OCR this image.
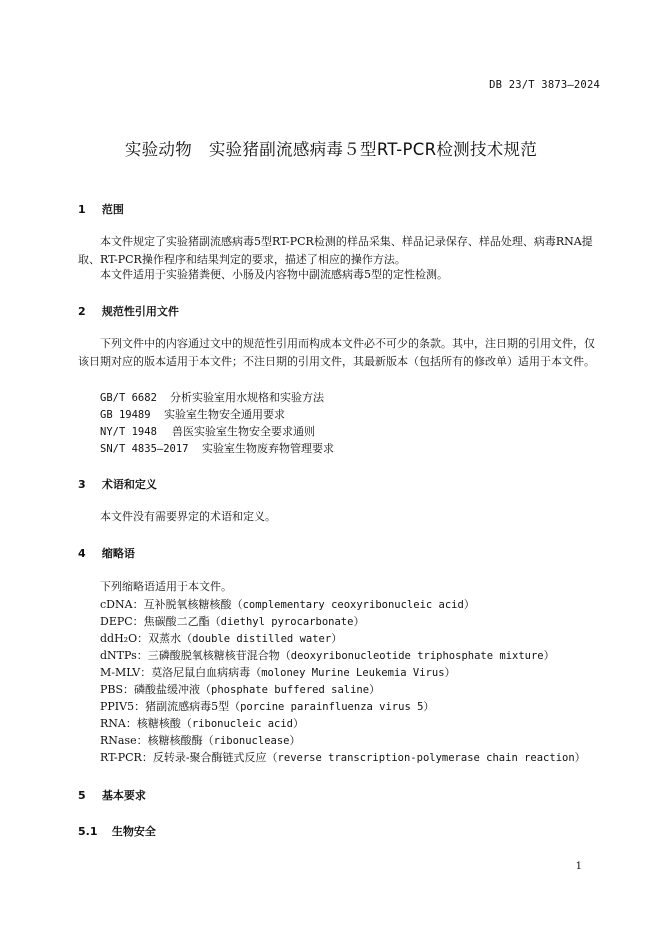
DB 23/T 3873—2024
实验动物　实验猪副流感病毒５型RT-PCR检测技术规范
1 范围
本文件规定了实验猪副流感病毒5型RT-PCR检测的样品采集、样品记录保存、样品处理、病毒RNA提取、RT-PCR操作程序和结果判定的要求，描述了相应的操作方法。
本文件适用于实验猪粪便、小肠及内容物中副流感病毒5型的定性检测。
2 规范性引用文件
下列文件中的内容通过文中的规范性引用而构成本文件必不可少的条款。其中，注日期的引用文件，仅该日期对应的版本适用于本文件；不注日期的引用文件，其最新版本（包括所有的修改单）适用于本文件。
GB/T 6682 分析实验室用水规格和实验方法
GB 19489 实验室生物安全通用要求
NY/T 1948 兽医实验室生物安全要求通则
SN/T 4835—2017 实验室生物废弃物管理要求
3 术语和定义
本文件没有需要界定的术语和定义。
4 缩略语
下列缩略语适用于本文件。
cDNA：互补脱氧核糖核酸（complementary ceoxyribonucleic acid）
DEPC：焦碳酸二乙酯（diethyl pyrocarbonate）
ddH₂O：双蒸水（double distilled water）
dNTPs：三磷酸脱氧核糖核苷混合物（deoxyribonucleotide triphosphate mixture）
M-MLV：莫洛尼鼠白血病病毒（moloney Murine Leukemia Virus）
PBS：磷酸盐缓冲液（phosphate buffered saline）
PPIV5：猪副流感病毒5型（porcine parainfluenza virus 5）
RNA：核糖核酸（ribonucleic acid）
RNase：核糖核酸酶（ribonuclease）
RT-PCR：反转录-聚合酶链式反应（reverse transcription-polymerase chain reaction）
5 基本要求
5.1 生物安全
1
